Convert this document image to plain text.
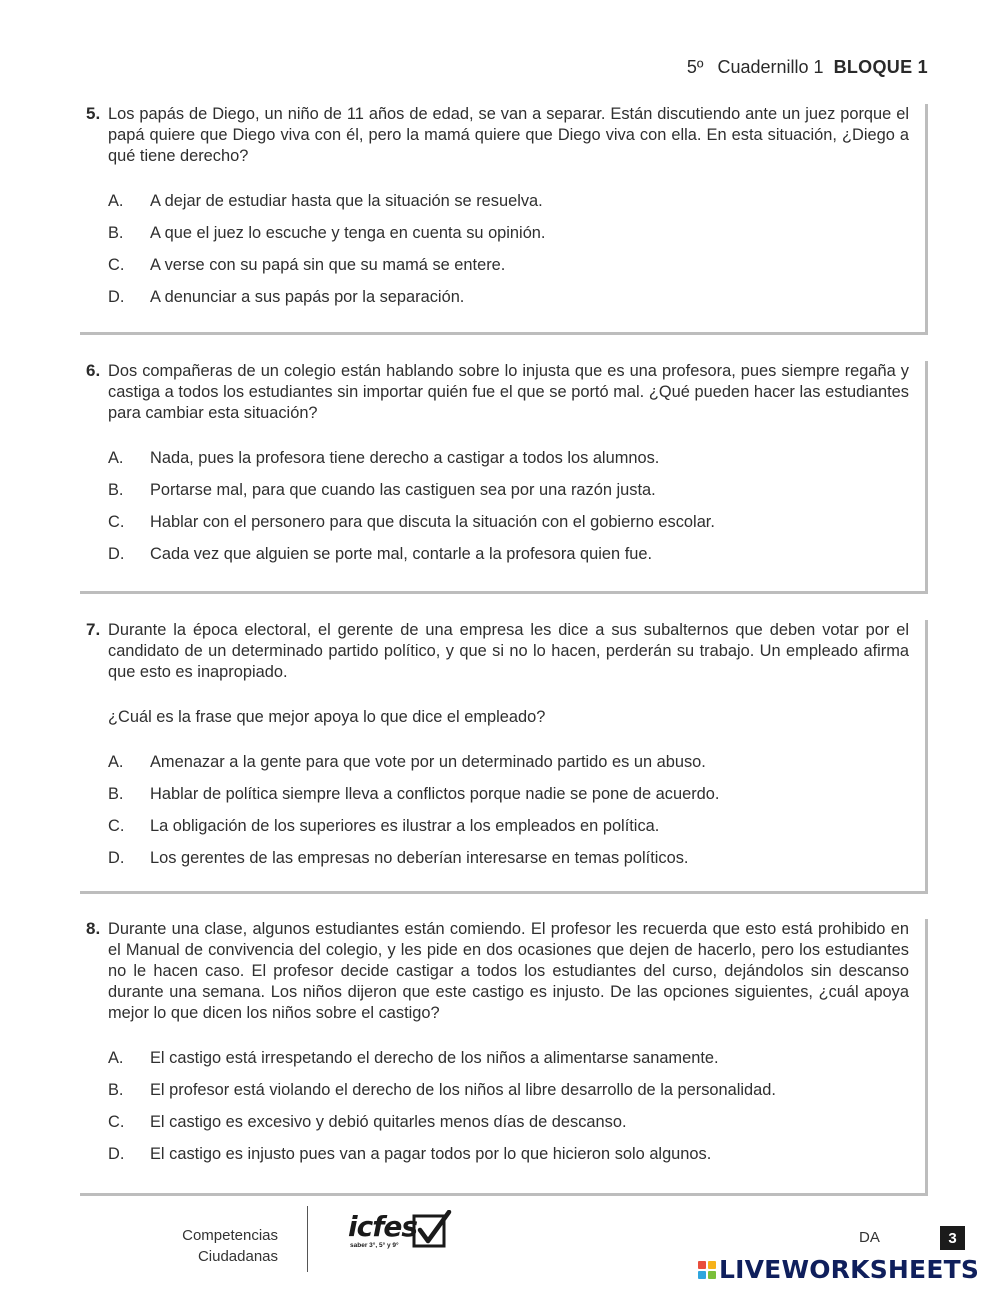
5º Cuadernillo 1 BLOQUE 1
5. Los papás de Diego, un niño de 11 años de edad, se van a separar. Están discutiendo ante un juez porque el papá quiere que Diego viva con él, pero la mamá quiere que Diego viva con ella. En esta situación, ¿Diego a qué tiene derecho?

A.	A dejar de estudiar hasta que la situación se resuelva.
B.	A que el juez lo escuche y tenga en cuenta su opinión.
C.	A verse con su papá sin que su mamá se entere.
D.	A denunciar a sus papás por la separación.
6. Dos compañeras de un colegio están hablando sobre lo injusta que es una profesora, pues siempre regaña y castiga a todos los estudiantes sin importar quién fue el que se portó mal. ¿Qué pueden hacer las estudiantes para cambiar esta situación?

A.	Nada, pues la profesora tiene derecho a castigar a todos los alumnos.
B.	Portarse mal, para que cuando las castiguen sea por una razón justa.
C.	Hablar con el personero para que discuta la situación con el gobierno escolar.
D.	Cada vez que alguien se porte mal, contarle a la profesora quien fue.
7. Durante la época electoral, el gerente de una empresa les dice a sus subalternos que deben votar por el candidato de un determinado partido político, y que si no lo hacen, perderán su trabajo. Un empleado afirma que esto es inapropiado.

¿Cuál es la frase que mejor apoya lo que dice el empleado?

A.	Amenazar a la gente para que vote por un determinado partido es un abuso.
B.	Hablar de política siempre lleva a conflictos porque nadie se pone de acuerdo.
C.	La obligación de los superiores es ilustrar a los empleados en política.
D.	Los gerentes de las empresas no deberían interesarse en temas políticos.
8. Durante una clase, algunos estudiantes están comiendo. El profesor les recuerda que esto está prohibido en el Manual de convivencia del colegio, y les pide en dos ocasiones que dejen de hacerlo, pero los estudiantes no le hacen caso. El profesor decide castigar a todos los estudiantes del curso, dejándolos sin descanso durante una semana. Los niños dijeron que este castigo es injusto. De las opciones siguientes, ¿cuál apoya mejor lo que dicen los niños sobre el castigo?

A.	El castigo está irrespetando el derecho de los niños a alimentarse sanamente.
B.	El profesor está violando el derecho de los niños al libre desarrollo de la personalidad.
C.	El castigo es excesivo y debió quitarles menos días de descanso.
D.	El castigo es injusto pues van a pagar todos por lo que hicieron solo algunos.
Competencias
Ciudadanas
icfes
saber 3°, 5° y 9°	DA	3
LIVEWORKSHEETS
